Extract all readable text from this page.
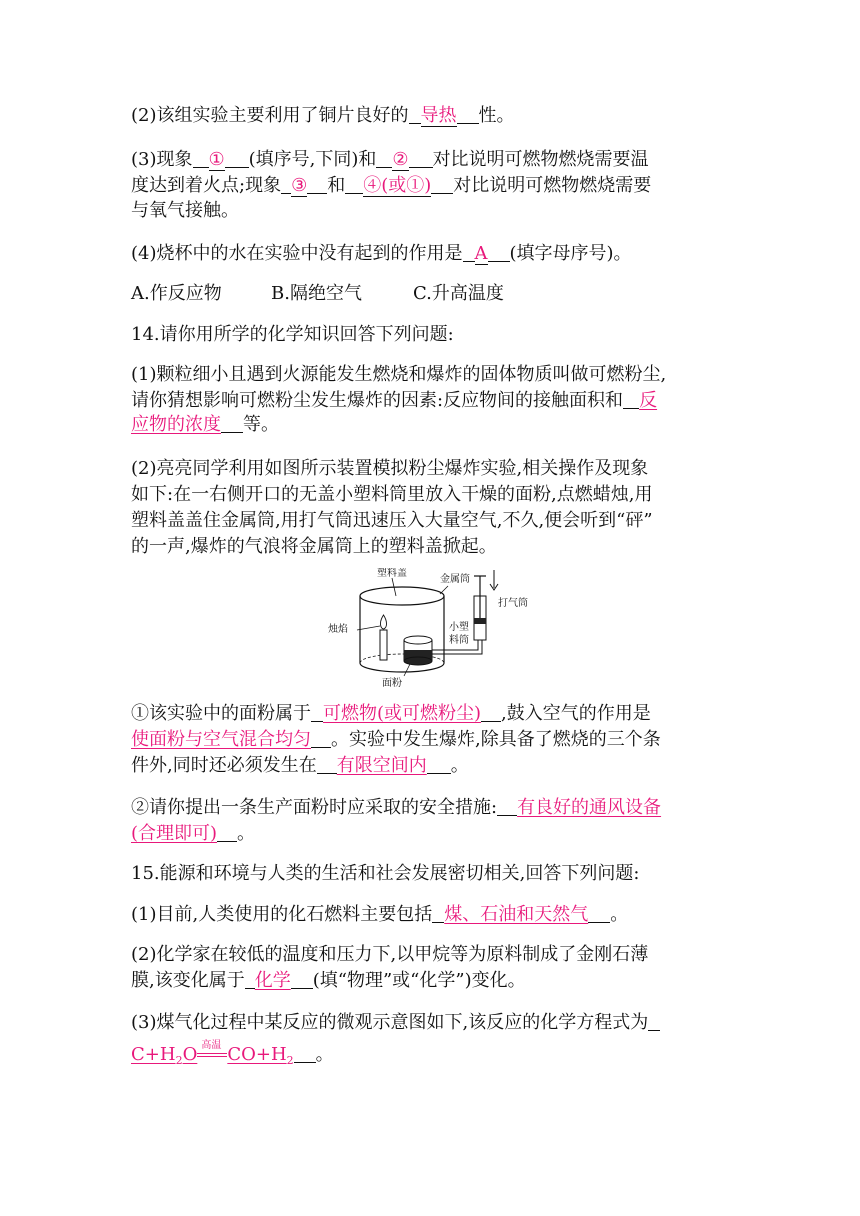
(2)该组实验主要利用了铜片良好的 导热 性。
(3)现象 ① (填序号,下同)和 ② 对比说明可燃物燃烧需要温
度达到着火点;现象 ③ 和 ④(或①) 对比说明可燃物燃烧需要
与氧气接触。
(4)烧杯中的水在实验中没有起到的作用是 A (填字母序号)。
A.作反应物	B.隔绝空气	C.升高温度
14.请你用所学的化学知识回答下列问题:
(1)颗粒细小且遇到火源能发生燃烧和爆炸的固体物质叫做可燃粉尘,
请你猜想影响可燃粉尘发生爆炸的因素:反应物间的接触面积和 反
应物的浓度 等。
(2)亮亮同学利用如图所示装置模拟粉尘爆炸实验,相关操作及现象
如下:在一右侧开口的无盖小塑料筒里放入干燥的面粉,点燃蜡烛,用
塑料盖盖住金属筒,用打气筒迅速压入大量空气,不久,便会听到“砰”
的一声,爆炸的气浪将金属筒上的塑料盖掀起。
塑料盖
金属筒
烛焰	小塑
料筒
面粉
打气筒
①该实验中的面粉属于 可燃物(或可燃粉尘) ,鼓入空气的作用是
使面粉与空气混合均匀 。实验中发生爆炸,除具备了燃烧的三个条
件外,同时还必须发生在 有限空间内 。
②请你提出一条生产面粉时应采取的安全措施: 有良好的通风设备
(合理即可) 。
15.能源和环境与人类的生活和社会发展密切相关,回答下列问题:
(1)目前,人类使用的化石燃料主要包括 煤、石油和天然气 。
(2)化学家在较低的温度和压力下,以甲烷等为原料制成了金刚石薄
膜,该变化属于 化学 (填“物理”或“化学”)变化。
(3)煤气化过程中某反应的微观示意图如下,该反应的化学方程式为
$C+H_2O$ 高温 $CO+H_2$ 。
